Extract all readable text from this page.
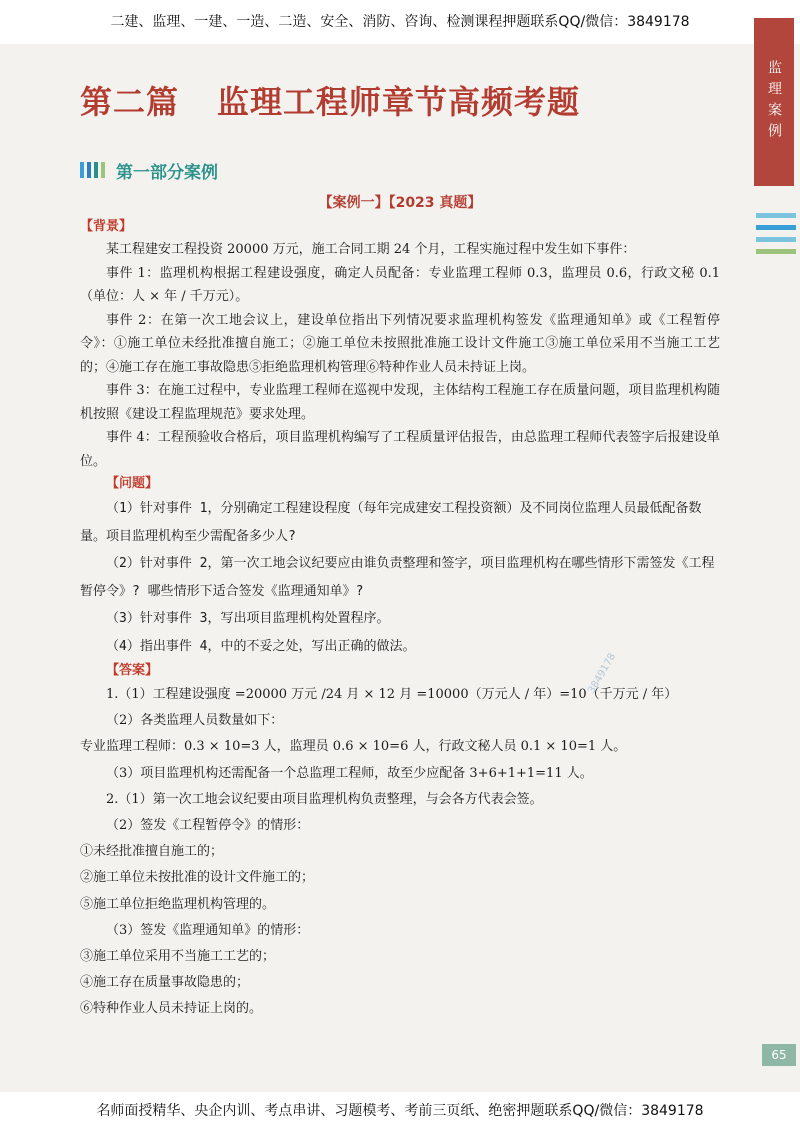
二建、监理、一建、一造、二造、安全、消防、咨询、检测课程押题联系QQ/微信：3849178
监理案例
3849178
第二篇 监理工程师章节高频考题
第一部分案例
【案例一】【2023 真题】
【背景】

某工程建安工程投资 20000 万元，施工合同工期 24 个月，工程实施过程中发生如下事件：

事件 1：监理机构根据工程建设强度，确定人员配备：专业监理工程师 0.3，监理员 0.6，行政文秘 0.1（单位：人 × 年 / 千万元）。

事件 2：在第一次工地会议上，建设单位指出下列情况要求监理机构签发《监理通知单》或《工程暂停令》：①施工单位未经批准擅自施工；②施工单位未按照批准施工设计文件施工③施工单位采用不当施工工艺的；④施工存在施工事故隐患⑤拒绝监理机构管理⑥特种作业人员未持证上岗。

事件 3：在施工过程中，专业监理工程师在巡视中发现，主体结构工程施工存在质量问题，项目监理机构随机按照《建设工程监理规范》要求处理。

事件 4：工程预验收合格后，项目监理机构编写了工程质量评估报告，由总监理工程师代表签字后报建设单位。

【问题】

（1）针对事件 1，分别确定工程建设程度（每年完成建安工程投资额）及不同岗位监理人员最低配备数量。项目监理机构至少需配备多少人?

（2）针对事件 2，第一次工地会议纪要应由谁负责整理和签字，项目监理机构在哪些情形下需签发《工程暂停令》? 哪些情形下适合签发《监理通知单》?

（3）针对事件 3，写出项目监理机构处置程序。

（4）指出事件 4，中的不妥之处，写出正确的做法。

【答案】

1.（1）工程建设强度 =20000 万元 /24 月 × 12 月 =10000（万元人 / 年）=10（千万元 / 年）

（2）各类监理人员数量如下：

专业监理工程师：0.3 × 10=3 人，监理员 0.6 × 10=6 人，行政文秘人员 0.1 × 10=1 人。

（3）项目监理机构还需配备一个总监理工程师，故至少应配备 3+6+1+1=11 人。

2.（1）第一次工地会议纪要由项目监理机构负责整理，与会各方代表会签。

（2）签发《工程暂停令》的情形：

①未经批准擅自施工的；

②施工单位未按批准的设计文件施工的；

⑤施工单位拒绝监理机构管理的。

（3）签发《监理通知单》的情形：

③施工单位采用不当施工工艺的；

④施工存在质量事故隐患的；

⑥特种作业人员未持证上岗的。

65
名师面授精华、央企内训、考点串讲、习题模考、考前三页纸、绝密押题联系QQ/微信：3849178
